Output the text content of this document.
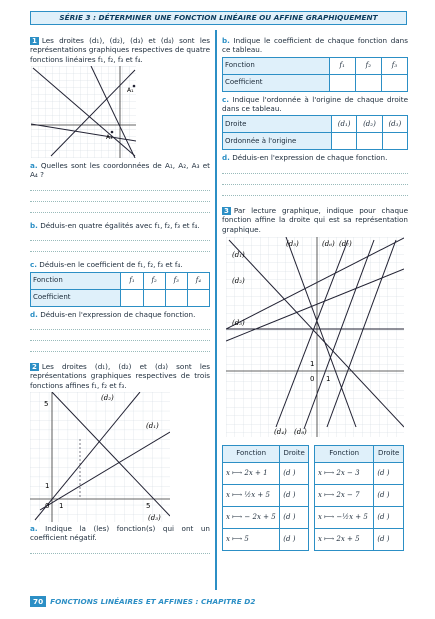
SÉRIE 3 : DÉTERMINER UNE FONCTION LINÉAIRE OU AFFINE GRAPHIQUEMENT

1 Les droites (d₁), (d₂), (d₃) et (d₄) sont les représentations graphiques respectives de quatre fonctions linéaires f₁, f₂, f₃ et f₄.

A₁
A₃

a. Quelles sont les coordonnées de A₁, A₂, A₃ et A₄ ?

b. Déduis-en quatre égalités avec f₁, f₂, f₃ et f₄.

c. Déduis-en le coefficient de f₁, f₂, f₃ et f₄.

Fonction	f₁	f₂	f₃	f₄
Coefficient				

d. Déduis-en l'expression de chaque fonction.

2 Les droites (d₁), (d₂) et (d₃) sont les représentations graphiques respectives de trois fonctions affines f₁, f₂ et f₃.

5
1
0 1	5
(d₁)
(d₂)
(d₃)

a. Indique la (les) fonction(s) qui ont un coefficient négatif.

b. Indique le coefficient de chaque fonction dans ce tableau.

Fonction	f₁	f₂	f₃
Coefficient			

c. Indique l'ordonnée à l'origine de chaque droite dans ce tableau.

Droite	(d₁)	(d₂)	(d₃)
Ordonnée à l'origine			

d. Déduis-en l'expression de chaque fonction.

3 Par lecture graphique, indique pour chaque fonction affine la droite qui est sa représentation graphique.

1
0 1
(d₅)	(d₆) (d₇)
(d₁)
(d₂)
(d₃)
(d₄) (d₈)
Fonction	Droite
x ⟼ 2x + 1	(d )
x ⟼ ½x + 5	(d )
x ⟼ − 2x + 5	(d )
x ⟼ 5	(d )
Fonction	Droite
x ⟼ 2x − 3	(d )
x ⟼ 2x − 7	(d )
x ⟼ −½x + 5	(d )
x ⟼ 2x + 5	(d )
70 FONCTIONS LINÉAIRES ET AFFINES : CHAPITRE D2
